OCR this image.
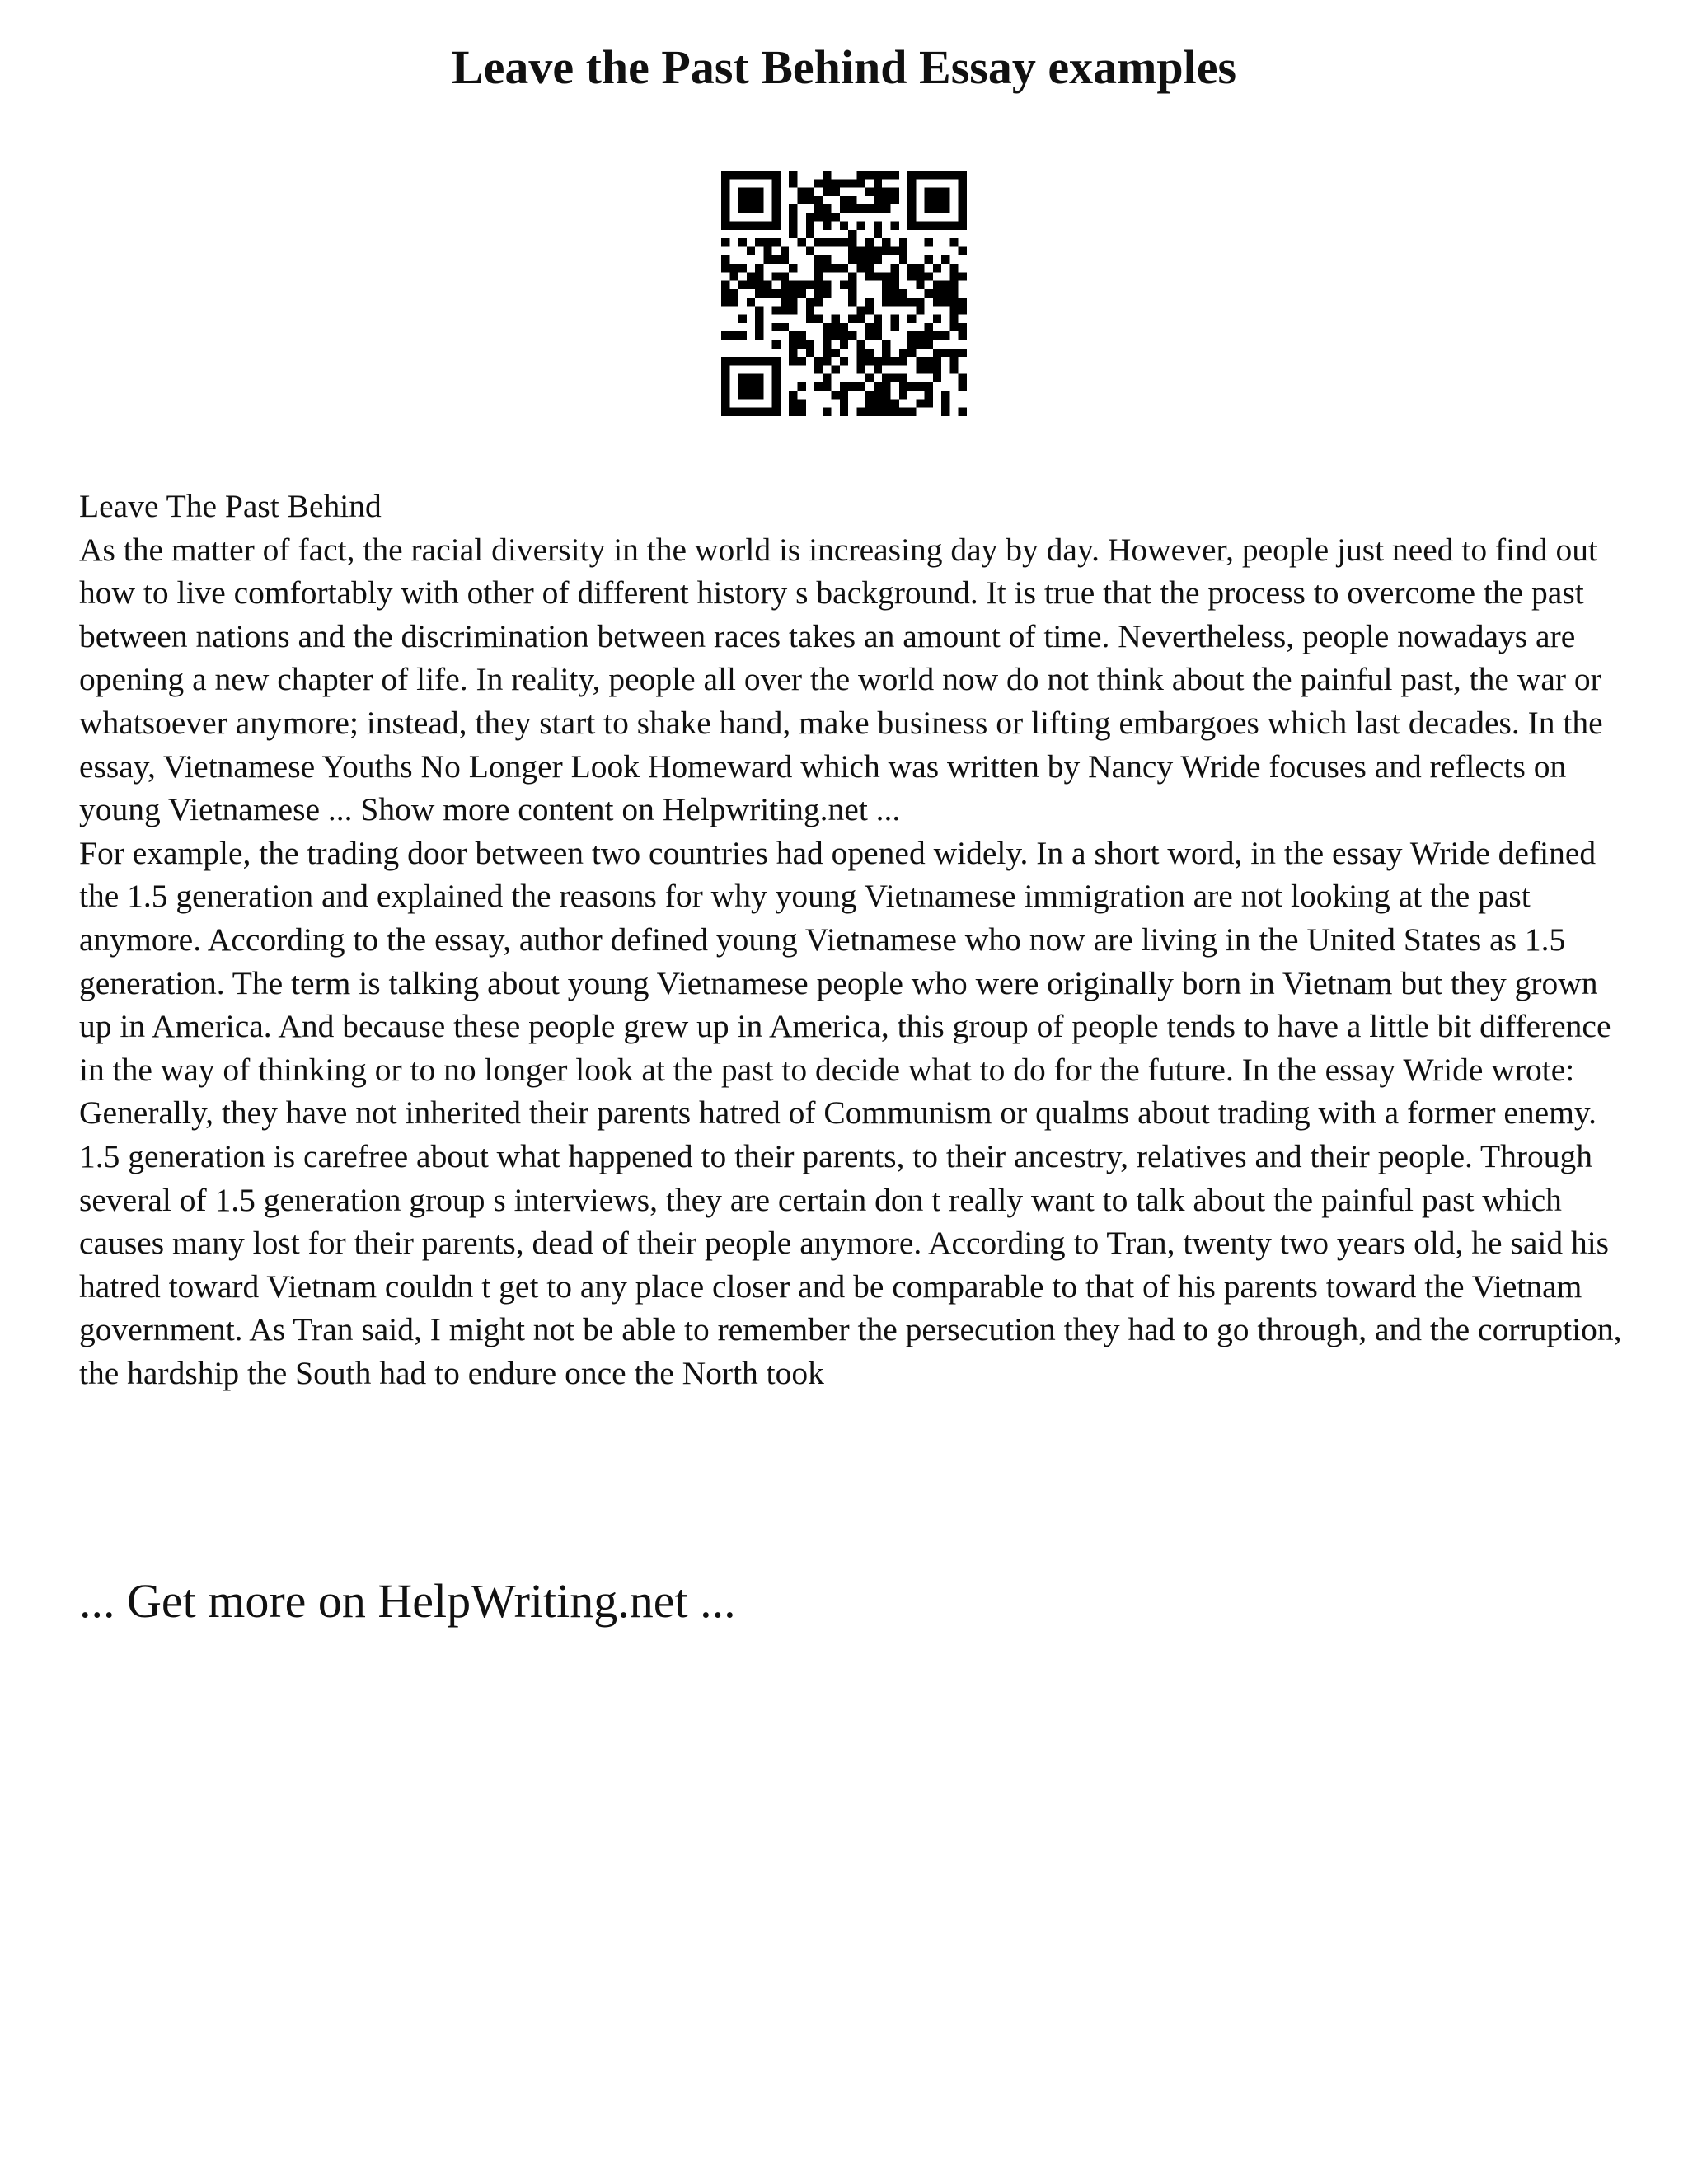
Leave the Past Behind Essay examples

Leave The Past Behind

As the matter of fact, the racial diversity in the world is increasing day by day. However, people just need to find out how to live comfortably with other of different history s background. It is true that the process to overcome the past between nations and the discrimination between races takes an amount of time. Nevertheless, people nowadays are opening a new chapter of life. In reality, people all over the world now do not think about the painful past, the war or whatsoever anymore; instead, they start to shake hand, make business or lifting embargoes which last decades. In the essay, Vietnamese Youths No Longer Look Homeward which was written by Nancy Wride focuses and reflects on young Vietnamese ... Show more content on Helpwriting.net ...

For example, the trading door between two countries had opened widely. In a short word, in the essay Wride defined the 1.5 generation and explained the reasons for why young Vietnamese immigration are not looking at the past anymore. According to the essay, author defined young Vietnamese who now are living in the United States as 1.5 generation. The term is talking about young Vietnamese people who were originally born in Vietnam but they grown up in America. And because these people grew up in America, this group of people tends to have a little bit difference in the way of thinking or to no longer look at the past to decide what to do for the future. In the essay Wride wrote: Generally, they have not inherited their parents hatred of Communism or qualms about trading with a former enemy. 1.5 generation is carefree about what happened to their parents, to their ancestry, relatives and their people. Through several of 1.5 generation group s interviews, they are certain don t really want to talk about the painful past which causes many lost for their parents, dead of their people anymore. According to Tran, twenty two years old, he said his hatred toward Vietnam couldn t get to any place closer and be comparable to that of his parents toward the Vietnam government. As Tran said, I might not be able to remember the persecution they had to go through, and the corruption, the hardship the South had to endure once the North took

... Get more on HelpWriting.net ...
